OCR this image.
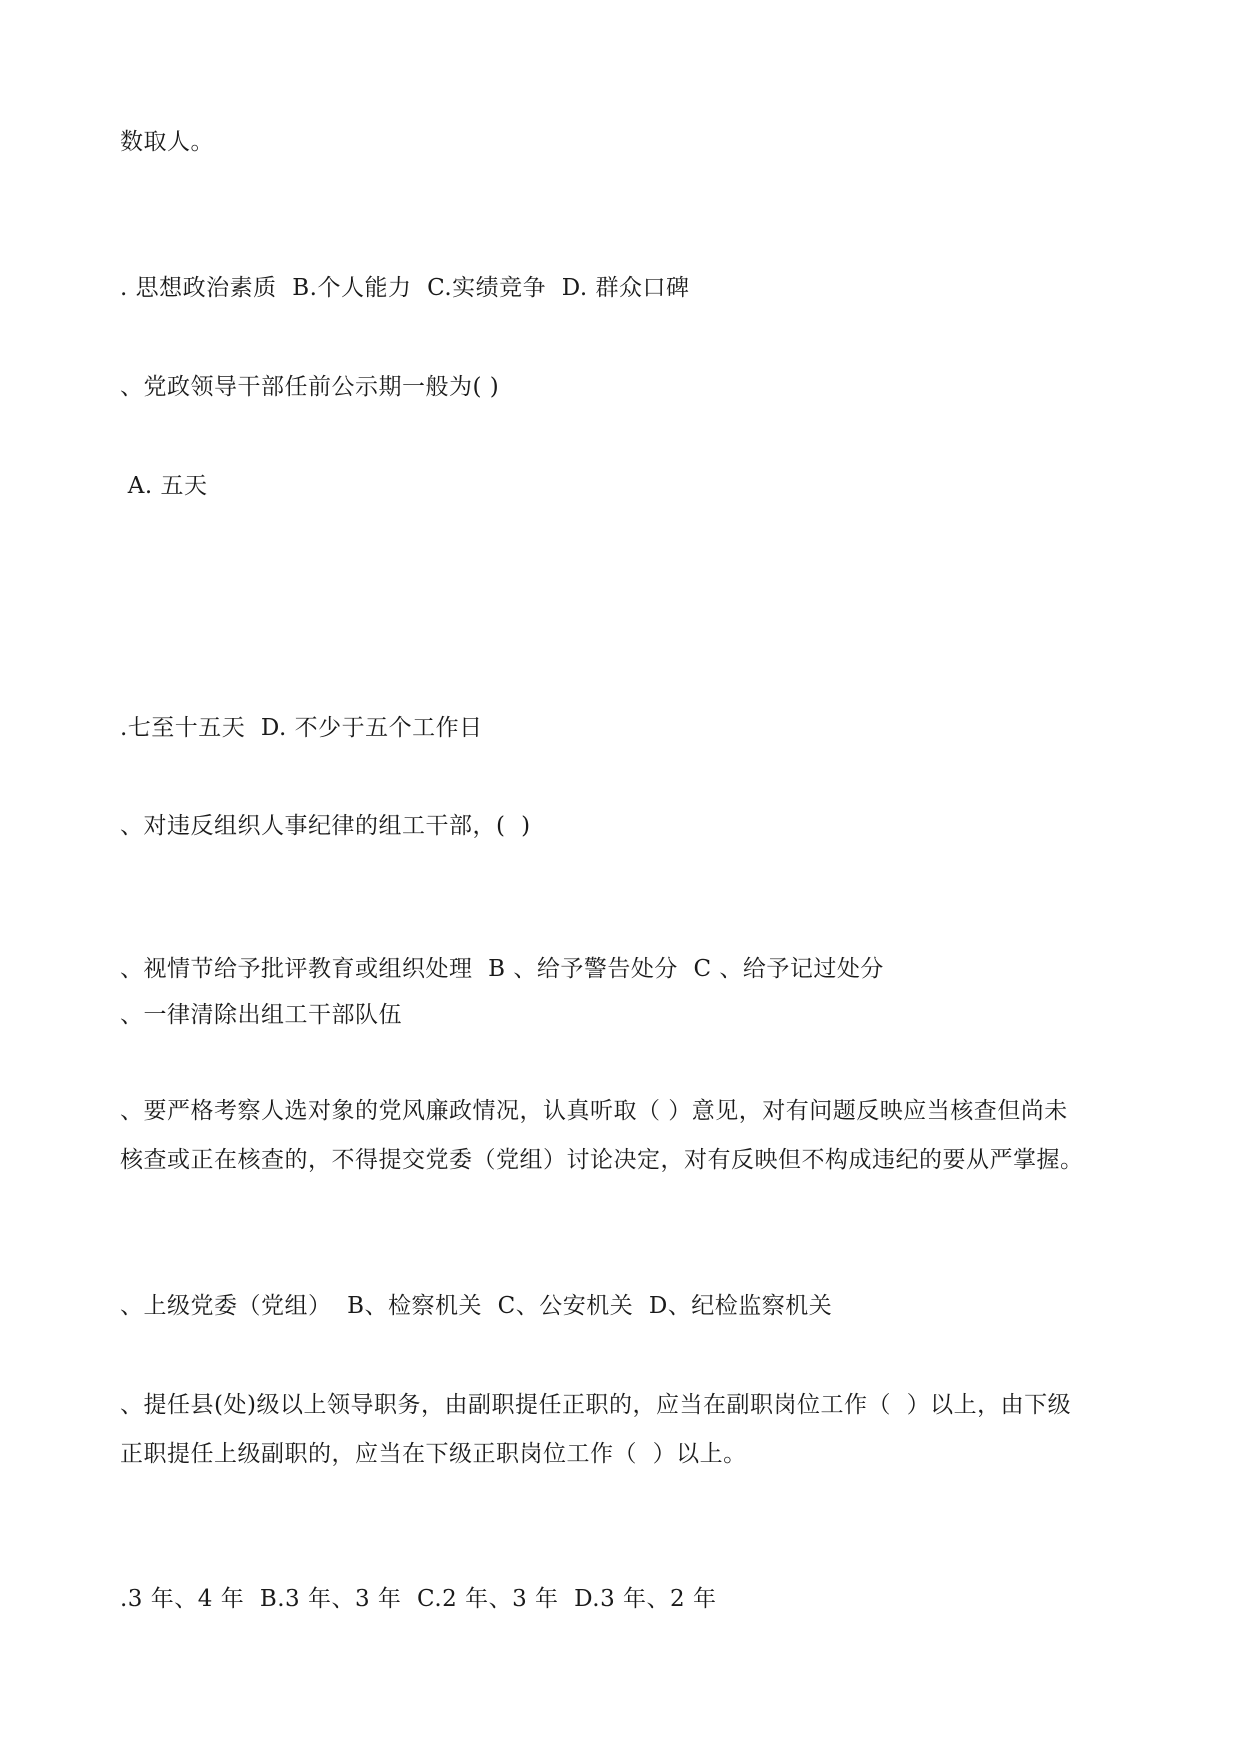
数取人。
. 思想政治素质  B.个人能力  C.实绩竞争  D. 群众口碑
、党政领导干部任前公示期一般为( )
A. 五天
.七至十五天  D. 不少于五个工作日
、对违反组织人事纪律的组工干部，(  )
、视情节给予批评教育或组织处理  B 、给予警告处分  C 、给予记过处分
、一律清除出组工干部队伍
、要严格考察人选对象的党风廉政情况，认真听取（ ）意见，对有问题反映应当核查但尚未
核查或正在核查的，不得提交党委（党组）讨论决定，对有反映但不构成违纪的要从严掌握。
、上级党委（党组）  B、检察机关  C、公安机关  D、纪检监察机关
、提任县(处)级以上领导职务，由副职提任正职的，应当在副职岗位工作（  ）以上，由下级
正职提任上级副职的，应当在下级正职岗位工作（  ）以上。
.3 年、4 年  B.3 年、3 年  C.2 年、3 年  D.3 年、2 年
